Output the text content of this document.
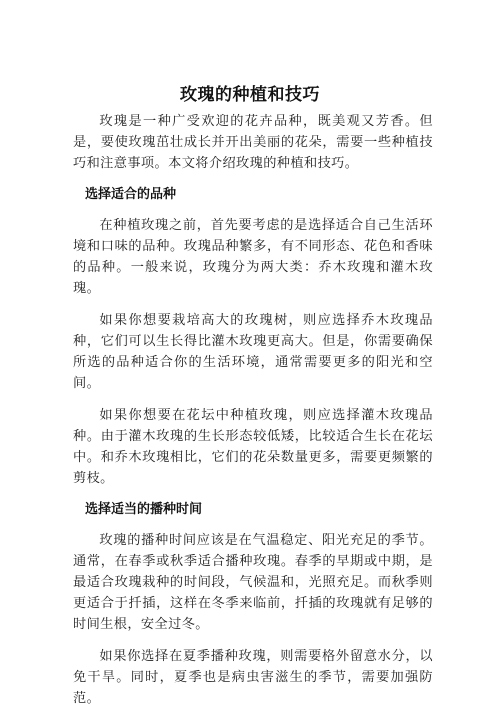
玫瑰的种植和技巧

玫瑰是一种广受欢迎的花卉品种，既美观又芳香。但是，要使玫瑰茁壮成长并开出美丽的花朵，需要一些种植技巧和注意事项。本文将介绍玫瑰的种植和技巧。

选择适合的品种

在种植玫瑰之前，首先要考虑的是选择适合自己生活环境和口味的品种。玫瑰品种繁多，有不同形态、花色和香味的品种。一般来说，玫瑰分为两大类：乔木玫瑰和灌木玫瑰。

如果你想要栽培高大的玫瑰树，则应选择乔木玫瑰品种，它们可以生长得比灌木玫瑰更高大。但是，你需要确保所选的品种适合你的生活环境，通常需要更多的阳光和空间。

如果你想要在花坛中种植玫瑰，则应选择灌木玫瑰品种。由于灌木玫瑰的生长形态较低矮，比较适合生长在花坛中。和乔木玫瑰相比，它们的花朵数量更多，需要更频繁的剪枝。

选择适当的播种时间

玫瑰的播种时间应该是在气温稳定、阳光充足的季节。通常，在春季或秋季适合播种玫瑰。春季的早期或中期，是最适合玫瑰栽种的时间段，气候温和，光照充足。而秋季则更适合于扦插，这样在冬季来临前，扦插的玫瑰就有足够的时间生根，安全过冬。

如果你选择在夏季播种玫瑰，则需要格外留意水分，以免干旱。同时，夏季也是病虫害滋生的季节，需要加强防范。
